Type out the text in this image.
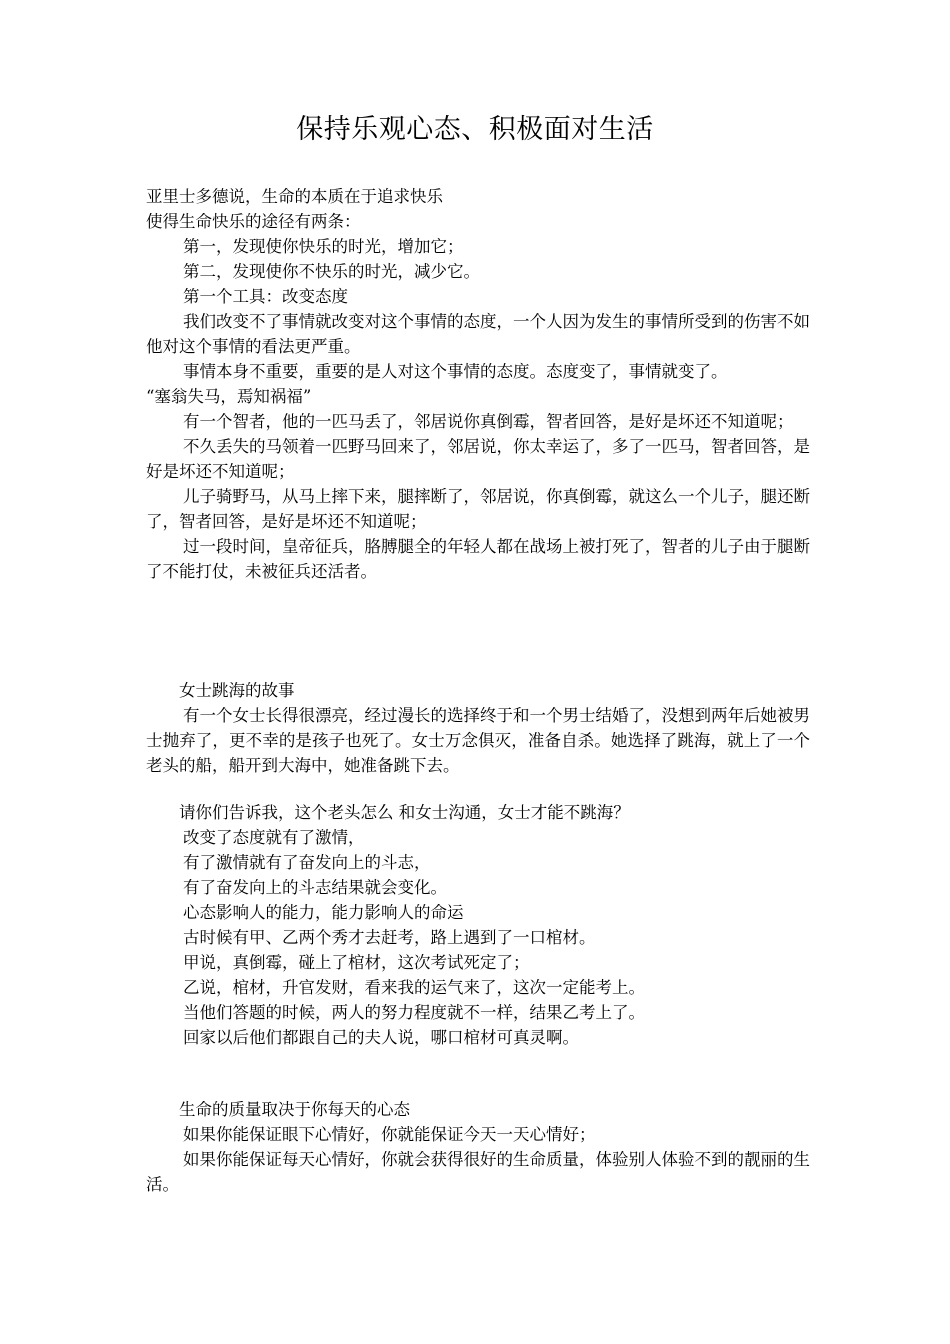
保持乐观心态、积极面对生活

亚里士多德说，生命的本质在于追求快乐

使得生命快乐的途径有两条：

第一，发现使你快乐的时光，增加它；

第二，发现使你不快乐的时光，减少它。

第一个工具：改变态度

我们改变不了事情就改变对这个事情的态度，一个人因为发生的事情所受到的伤害不如他对这个事情的看法更严重。

事情本身不重要，重要的是人对这个事情的态度。态度变了，事情就变了。

“塞翁失马，焉知祸福”

有一个智者，他的一匹马丢了，邻居说你真倒霉，智者回答，是好是坏还不知道呢；

不久丢失的马领着一匹野马回来了，邻居说，你太幸运了，多了一匹马，智者回答，是好是坏还不知道呢；

儿子骑野马，从马上摔下来，腿摔断了，邻居说，你真倒霉，就这么一个儿子，腿还断了，智者回答，是好是坏还不知道呢；

过一段时间，皇帝征兵，胳膊腿全的年轻人都在战场上被打死了，智者的儿子由于腿断了不能打仗，未被征兵还活者。

女士跳海的故事

有一个女士长得很漂亮，经过漫长的选择终于和一个男士结婚了，没想到两年后她被男士抛弃了，更不幸的是孩子也死了。女士万念俱灭，准备自杀。她选择了跳海，就上了一个老头的船，船开到大海中，她准备跳下去。

请你们告诉我，这个老头怎么 和女士沟通，女士才能不跳海？

改变了态度就有了激情，

有了激情就有了奋发向上的斗志，

有了奋发向上的斗志结果就会变化。

心态影响人的能力，能力影响人的命运

古时候有甲、乙两个秀才去赶考，路上遇到了一口棺材。

甲说，真倒霉，碰上了棺材，这次考试死定了；

乙说，棺材，升官发财，看来我的运气来了，这次一定能考上。

当他们答题的时候，两人的努力程度就不一样，结果乙考上了。

回家以后他们都跟自己的夫人说，哪口棺材可真灵啊。

生命的质量取决于你每天的心态

如果你能保证眼下心情好，你就能保证今天一天心情好；

如果你能保证每天心情好，你就会获得很好的生命质量，体验别人体验不到的靓丽的生活。
